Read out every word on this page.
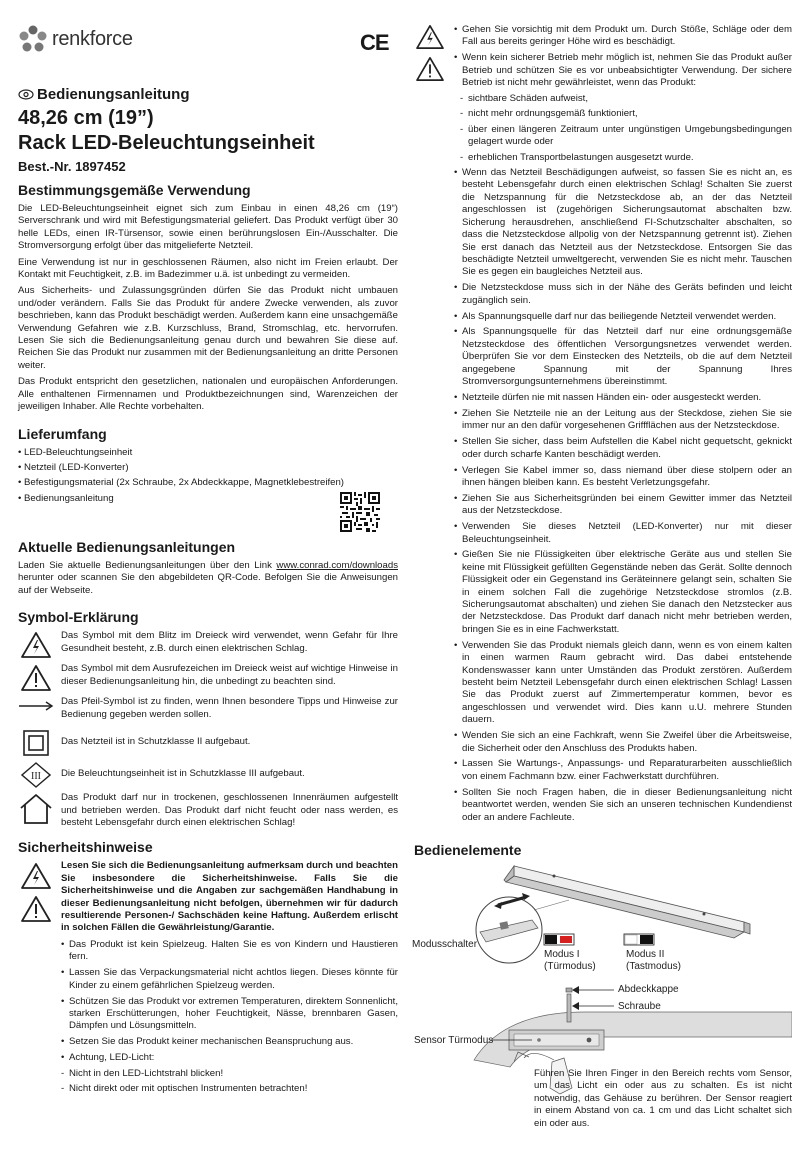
renkforce	CE
Bedienungsanleitung
48,26 cm (19”)
Rack LED-Beleuchtungseinheit
Best.-Nr. 1897452
Bestimmungsgemäße Verwendung

Die LED-Beleuchtungseinheit eignet sich zum Einbau in einen 48,26 cm (19“) Serverschrank und wird mit Befestigungsmaterial geliefert. Das Produkt verfügt über 30 helle LEDs, einen IR-Türsensor, sowie einen berührungslosen Ein-/Ausschalter. Die Stromversorgung erfolgt über das mitgelieferte Netzteil.

Eine Verwendung ist nur in geschlossenen Räumen, also nicht im Freien erlaubt. Der Kontakt mit Feuchtigkeit, z.B. im Badezimmer u.ä. ist unbedingt zu vermeiden.

Aus Sicherheits- und Zulassungsgründen dürfen Sie das Produkt nicht umbauen und/oder verändern. Falls Sie das Produkt für andere Zwecke verwenden, als zuvor beschrieben, kann das Produkt beschädigt werden. Außerdem kann eine unsachgemäße Verwendung Gefahren wie z.B. Kurzschluss, Brand, Stromschlag, etc. hervorrufen. Lesen Sie sich die Bedienungsanleitung genau durch und bewahren Sie diese auf. Reichen Sie das Produkt nur zusammen mit der Bedienungsanleitung an dritte Personen weiter.

Das Produkt entspricht den gesetzlichen, nationalen und europäischen Anforderungen. Alle enthaltenen Firmennamen und Produktbezeichnungen sind, Warenzeichen der jeweiligen Inhaber. Alle Rechte vorbehalten.

Lieferumfang
• LED-Beleuchtungseinheit
• Netzteil (LED-Konverter)
• Befestigungsmaterial (2x Schraube, 2x Abdeckkappe, Magnetklebestreifen)
• Bedienungsanleitung
Aktuelle Bedienungsanleitungen

Laden Sie aktuelle Bedienungsanleitungen über den Link www.conrad.com/downloads herunter oder scannen Sie den abgebildeten QR-Code. Befolgen Sie die Anweisungen auf der Webseite.

Symbol-Erklärung

Das Symbol mit dem Blitz im Dreieck wird verwendet, wenn Gefahr für Ihre Gesundheit besteht, z.B. durch einen elektrischen Schlag.

Das Symbol mit dem Ausrufezeichen im Dreieck weist auf wichtige Hinweise in dieser Bedienungsanleitung hin, die unbedingt zu beachten sind.

Das Pfeil-Symbol ist zu finden, wenn Ihnen besondere Tipps und Hinweise zur Bedienung gegeben werden sollen.

Das Netzteil ist in Schutzklasse II aufgebaut.

III Die Beleuchtungseinheit ist in Schutzklasse III aufgebaut.

Das Produkt darf nur in trockenen, geschlossenen Innenräumen aufgestellt und betrieben werden. Das Produkt darf nicht feucht oder nass werden, es besteht Lebensgefahr durch einen elektrischen Schlag!

Sicherheitshinweise

Lesen Sie sich die Bedienungsanleitung aufmerksam durch und beachten Sie insbesondere die Sicherheitshinweise. Falls Sie die Sicherheitshinweise und die Angaben zur sachgemäßen Handhabung in dieser Bedienungsanleitung nicht befolgen, übernehmen wir für dadurch resultierende Personen-/ Sachschäden keine Haftung. Außerdem erlischt in solchen Fällen die Gewährleistung/Garantie.

• Das Produkt ist kein Spielzeug. Halten Sie es von Kindern und Haustieren fern.
• Lassen Sie das Verpackungsmaterial nicht achtlos liegen. Dieses könnte für Kinder zu einem gefährlichen Spielzeug werden.
• Schützen Sie das Produkt vor extremen Temperaturen, direktem Sonnenlicht, starken Erschütterungen, hoher Feuchtigkeit, Nässe, brennbaren Gasen, Dämpfen und Lösungsmitteln.
• Setzen Sie das Produkt keiner mechanischen Beanspruchung aus.
• Achtung, LED-Licht:
- Nicht in den LED-Lichtstrahl blicken!
- Nicht direkt oder mit optischen Instrumenten betrachten!
• Gehen Sie vorsichtig mit dem Produkt um. Durch Stöße, Schläge oder dem Fall aus bereits geringer Höhe wird es beschädigt.
• Wenn kein sicherer Betrieb mehr möglich ist, nehmen Sie das Produkt außer Betrieb und schützen Sie es vor unbeabsichtigter Verwendung. Der sichere Betrieb ist nicht mehr gewährleistet, wenn das Produkt:
- sichtbare Schäden aufweist,
- nicht mehr ordnungsgemäß funktioniert,
- über einen längeren Zeitraum unter ungünstigen Umgebungsbedingungen gelagert wurde oder
- erheblichen Transportbelastungen ausgesetzt wurde.
• Wenn das Netzteil Beschädigungen aufweist, so fassen Sie es nicht an, es besteht Lebensgefahr durch einen elektrischen Schlag! Schalten Sie zuerst die Netzspannung für die Netzsteckdose ab, an der das Netzteil angeschlossen ist (zugehörigen Sicherungsautomat abschalten bzw. Sicherung herausdrehen, anschließend FI-Schutzschalter abschalten, so dass die Netzsteckdose allpolig von der Netzspannung getrennt ist). Ziehen Sie erst danach das Netzteil aus der Netzsteckdose. Entsorgen Sie das beschädigte Netzteil umweltgerecht, verwenden Sie es nicht mehr. Tauschen Sie es gegen ein baugleiches Netzteil aus.
• Die Netzsteckdose muss sich in der Nähe des Geräts befinden und leicht zugänglich sein.
• Als Spannungsquelle darf nur das beiliegende Netzteil verwendet werden.
• Als Spannungsquelle für das Netzteil darf nur eine ordnungsgemäße Netzsteckdose des öffentlichen Versorgungsnetzes verwendet werden. Überprüfen Sie vor dem Einstecken des Netzteils, ob die auf dem Netzteil angegebene Spannung mit der Spannung Ihres Stromversorgungsunternehmens übereinstimmt.
• Netzteile dürfen nie mit nassen Händen ein- oder ausgesteckt werden.
• Ziehen Sie Netzteile nie an der Leitung aus der Steckdose, ziehen Sie sie immer nur an den dafür vorgesehenen Griffflächen aus der Netzsteckdose.
• Stellen Sie sicher, dass beim Aufstellen die Kabel nicht gequetscht, geknickt oder durch scharfe Kanten beschädigt werden.
• Verlegen Sie Kabel immer so, dass niemand über diese stolpern oder an ihnen hängen bleiben kann. Es besteht Verletzungsgefahr.
• Ziehen Sie aus Sicherheitsgründen bei einem Gewitter immer das Netzteil aus der Netzsteckdose.
• Verwenden Sie dieses Netzteil (LED-Konverter) nur mit dieser Beleuchtungseinheit.
• Gießen Sie nie Flüssigkeiten über elektrische Geräte aus und stellen Sie keine mit Flüssigkeit gefüllten Gegenstände neben das Gerät. Sollte dennoch Flüssigkeit oder ein Gegenstand ins Geräteinnere gelangt sein, schalten Sie in einem solchen Fall die zugehörige Netzsteckdose stromlos (z.B. Sicherungsautomat abschalten) und ziehen Sie danach den Netzstecker aus der Netzsteckdose. Das Produkt darf danach nicht mehr betrieben werden, bringen Sie es in eine Fachwerkstatt.
• Verwenden Sie das Produkt niemals gleich dann, wenn es von einem kalten in einen warmen Raum gebracht wird. Das dabei entstehende Kondenswasser kann unter Umständen das Produkt zerstören. Außerdem besteht beim Netzteil Lebensgefahr durch einen elektrischen Schlag! Lassen Sie das Produkt zuerst auf Zimmertemperatur kommen, bevor es angeschlossen und verwendet wird. Dies kann u.U. mehrere Stunden dauern.
• Wenden Sie sich an eine Fachkraft, wenn Sie Zweifel über die Arbeitsweise, die Sicherheit oder den Anschluss des Produkts haben.
• Lassen Sie Wartungs-, Anpassungs- und Reparaturarbeiten ausschließlich von einem Fachmann bzw. einer Fachwerkstatt durchführen.
• Sollten Sie noch Fragen haben, die in dieser Bedienungsanleitung nicht beantwortet werden, wenden Sie sich an unseren technischen Kundendienst oder an andere Fachleute.
Bedienelemente
Modusschalter
Modus I
(Türmodus)
Modus II
(Tastmodus)
Abdeckkappe
Schraube
Sensor Türmodus

Führen Sie Ihren Finger in den Bereich rechts vom Sensor, um das Licht ein oder aus zu schalten. Es ist nicht notwendig, das Gehäuse zu berühren. Der Sensor reagiert in einem Abstand von ca. 1 cm und das Licht schaltet sich ein oder aus.
